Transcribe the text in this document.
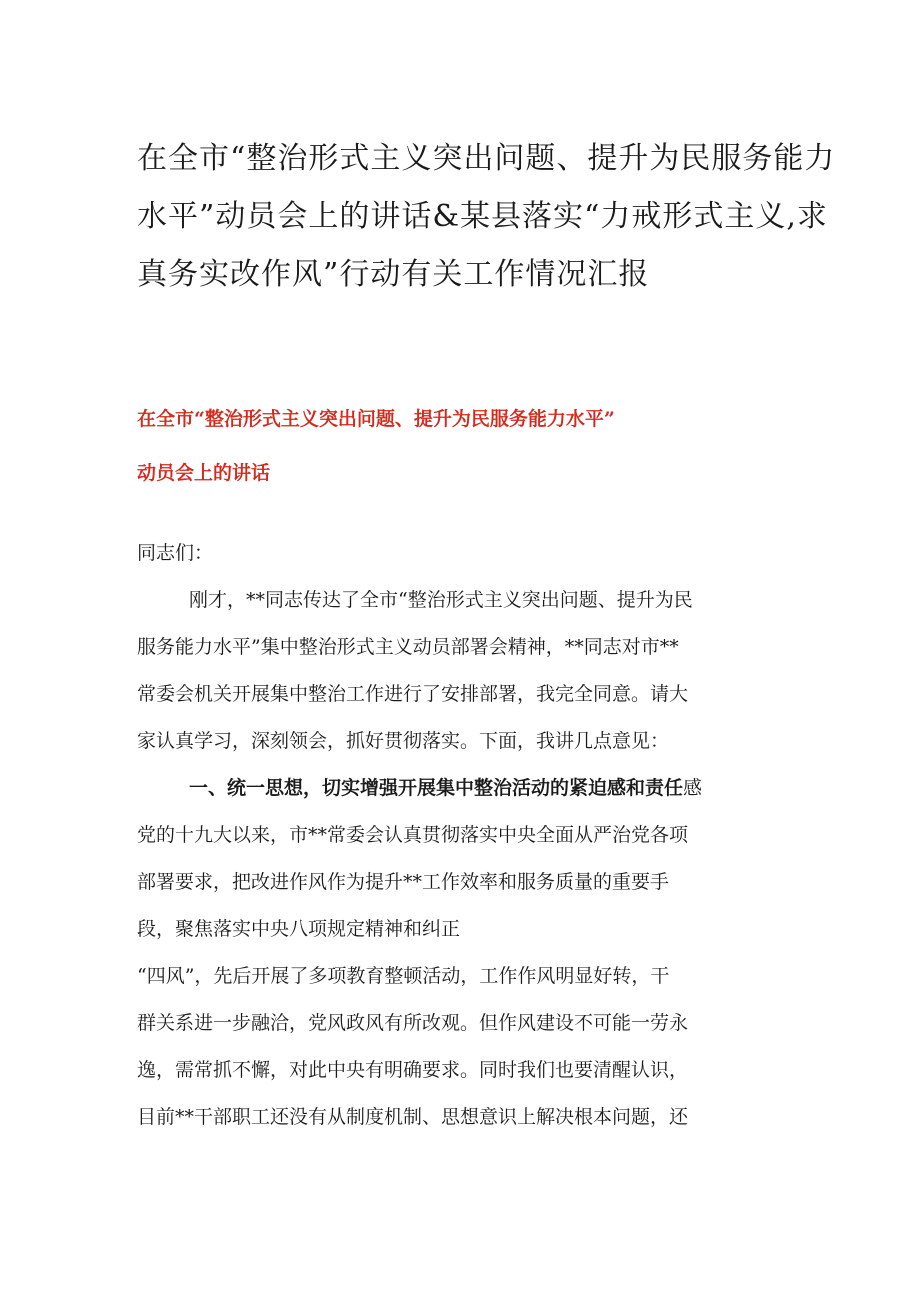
在全市“整治形式主义突出问题、提升为民服务能力
水平”动员会上的讲话&某县落实“力戒形式主义,求
真务实改作风”行动有关工作情况汇报
在全市“整治形式主义突出问题、提升为民服务能力水平”
动员会上的讲话
同志们：
刚才，**同志传达了全市“整治形式主义突出问题、提升为民
服务能力水平”集中整治形式主义动员部署会精神，**同志对市**
常委会机关开展集中整治工作进行了安排部署，我完全同意。请大
家认真学习，深刻领会，抓好贯彻落实。下面，我讲几点意见：
一、统一思想，切实增强开展集中整治活动的紧迫感和责任感
党的十九大以来，市**常委会认真贯彻落实中央全面从严治党各项
部署要求，把改进作风作为提升**工作效率和服务质量的重要手
段，聚焦落实中央八项规定精神和纠正
“四风”，先后开展了多项教育整顿活动，工作作风明显好转，干
群关系进一步融洽，党风政风有所改观。但作风建设不可能一劳永
逸，需常抓不懈，对此中央有明确要求。同时我们也要清醒认识，
目前**干部职工还没有从制度机制、思想意识上解决根本问题，还
